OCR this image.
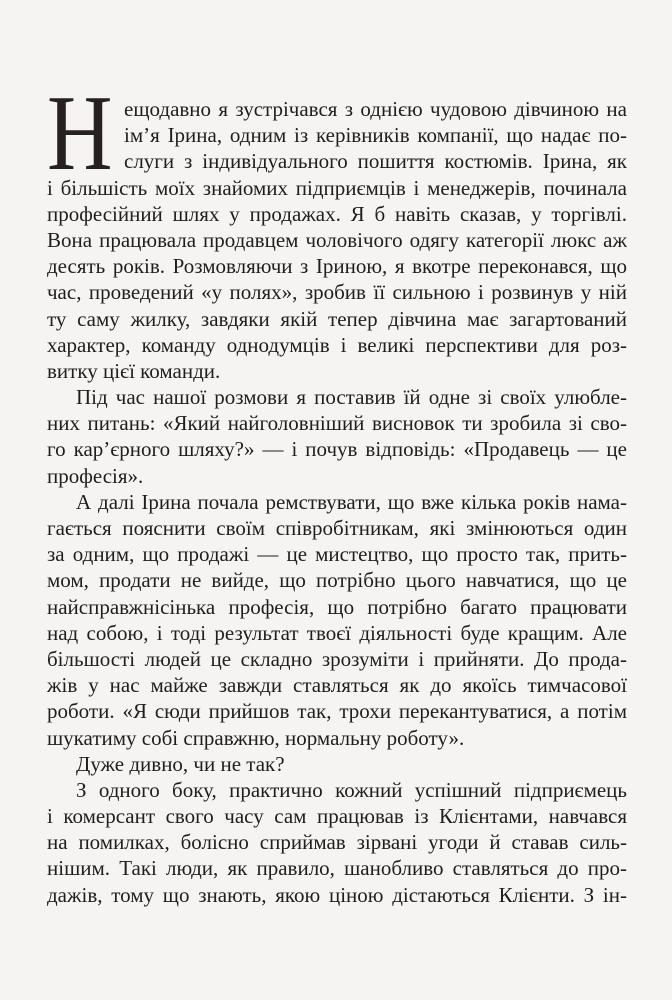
Н ещодавно я зустрічався з однією чудовою дівчиною на
ім’я Ірина, одним із керівників компанії, що надає по-
слуги з індивідуального пошиття костюмів. Ірина, як
і більшість моїх знайомих підприємців і менеджерів, починала
професійний шлях у продажах. Я б навіть сказав, у торгівлі.
Вона працювала продавцем чоловічого одягу категорії люкс аж
десять років. Розмовляючи з Іриною, я вкотре переконався, що
час, проведений «у полях», зробив її сильною і розвинув у ній
ту саму жилку, завдяки якій тепер дівчина має загартований
характер, команду однодумців і великі перспективи для роз-
витку цієї команди.
Під час нашої розмови я поставив їй одне зі своїх улюбле-
них питань: «Який найголовніший висновок ти зробила зі сво-
го кар’єрного шляху?» — і почув відповідь: «Продавець — це
професія».
А далі Ірина почала ремствувати, що вже кілька років нама-
гається пояснити своїм співробітникам, які змінюються один
за одним, що продажі — це мистецтво, що просто так, прить-
мом, продати не вийде, що потрібно цього навчатися, що це
найсправжнісінька професія, що потрібно багато працювати
над собою, і тоді результат твоєї діяльності буде кращим. Але
більшості людей це складно зрозуміти і прийняти. До прода-
жів у нас майже завжди ставляться як до якоїсь тимчасової
роботи. «Я сюди прийшов так, трохи перекантуватися, а потім
шукатиму собі справжню, нормальну роботу».
Дуже дивно, чи не так?
З одного боку, практично кожний успішний підприємець
і комерсант свого часу сам працював із Клієнтами, навчався
на помилках, болісно сприймав зірвані угоди й ставав силь-
нішим. Такі люди, як правило, шанобливо ставляться до про-
дажів, тому що знають, якою ціною дістаються Клієнти. З ін-
